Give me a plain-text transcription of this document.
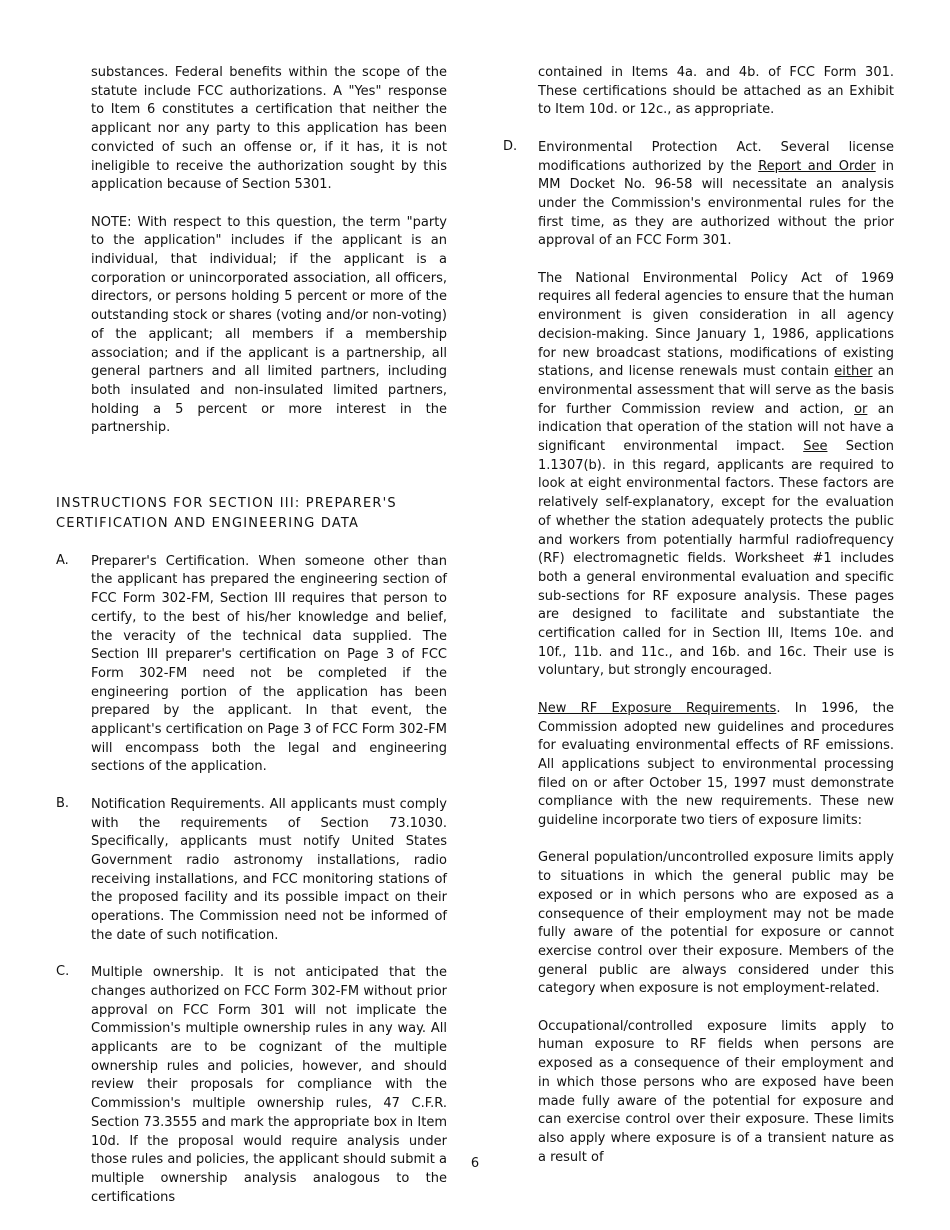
substances. Federal benefits within the scope of the statute include FCC authorizations. A "Yes" response to Item 6 constitutes a certification that neither the applicant nor any party to this application has been convicted of such an offense or, if it has, it is not ineligible to receive the authorization sought by this application because of Section 5301.

NOTE: With respect to this question, the term "party to the application" includes if the applicant is an individual, that individual; if the applicant is a corporation or unincorporated association, all officers, directors, or persons holding 5 percent or more of the outstanding stock or shares (voting and/or non-voting) of the applicant; all members if a membership association; and if the applicant is a partnership, all general partners and all limited partners, including both insulated and non-insulated limited partners, holding a 5 percent or more interest in the partnership.

INSTRUCTIONS FOR SECTION III: PREPARER'S
CERTIFICATION AND ENGINEERING DATA

A. Preparer's Certification. When someone other than the applicant has prepared the engineering section of FCC Form 302-FM, Section III requires that person to certify, to the best of his/her knowledge and belief, the veracity of the technical data supplied. The Section III preparer's certification on Page 3 of FCC Form 302-FM need not be completed if the engineering portion of the application has been prepared by the applicant. In that event, the applicant's certification on Page 3 of FCC Form 302-FM will encompass both the legal and engineering sections of the application.

B. Notification Requirements. All applicants must comply with the requirements of Section 73.1030. Specifically, applicants must notify United States Government radio astronomy installations, radio receiving installations, and FCC monitoring stations of the proposed facility and its possible impact on their operations. The Commission need not be informed of the date of such notification.

C. Multiple ownership. It is not anticipated that the changes authorized on FCC Form 302-FM without prior approval on FCC Form 301 will not implicate the Commission's multiple ownership rules in any way. All applicants are to be cognizant of the multiple ownership rules and policies, however, and should review their proposals for compliance with the Commission's multiple ownership rules, 47 C.F.R. Section 73.3555 and mark the appropriate box in Item 10d. If the proposal would require analysis under those rules and policies, the applicant should submit a multiple ownership analysis analogous to the certifications

contained in Items 4a. and 4b. of FCC Form 301. These certifications should be attached as an Exhibit to Item 10d. or 12c., as appropriate.

D. Environmental Protection Act. Several license modifications authorized by the Report and Order in MM Docket No. 96-58 will necessitate an analysis under the Commission's environmental rules for the first time, as they are authorized without the prior approval of an FCC Form 301.

The National Environmental Policy Act of 1969 requires all federal agencies to ensure that the human environment is given consideration in all agency decision-making. Since January 1, 1986, applications for new broadcast stations, modifications of existing stations, and license renewals must contain either an environmental assessment that will serve as the basis for further Commission review and action, or an indication that operation of the station will not have a significant environmental impact. See Section 1.1307(b). in this regard, applicants are required to look at eight environmental factors. These factors are relatively self-explanatory, except for the evaluation of whether the station adequately protects the public and workers from potentially harmful radiofrequency (RF) electromagnetic fields. Worksheet #1 includes both a general environmental evaluation and specific sub-sections for RF exposure analysis. These pages are designed to facilitate and substantiate the certification called for in Section III, Items 10e. and 10f., 11b. and 11c., and 16b. and 16c. Their use is voluntary, but strongly encouraged.

New RF Exposure Requirements. In 1996, the Commission adopted new guidelines and procedures for evaluating environmental effects of RF emissions. All applications subject to environmental processing filed on or after October 15, 1997 must demonstrate compliance with the new requirements. These new guideline incorporate two tiers of exposure limits:

General population/uncontrolled exposure limits apply to situations in which the general public may be exposed or in which persons who are exposed as a consequence of their employment may not be made fully aware of the potential for exposure or cannot exercise control over their exposure. Members of the general public are always considered under this category when exposure is not employment-related.

Occupational/controlled exposure limits apply to human exposure to RF fields when persons are exposed as a consequence of their employment and in which those persons who are exposed have been made fully aware of the potential for exposure and can exercise control over their exposure. These limits also apply where exposure is of a transient nature as a result of

6
